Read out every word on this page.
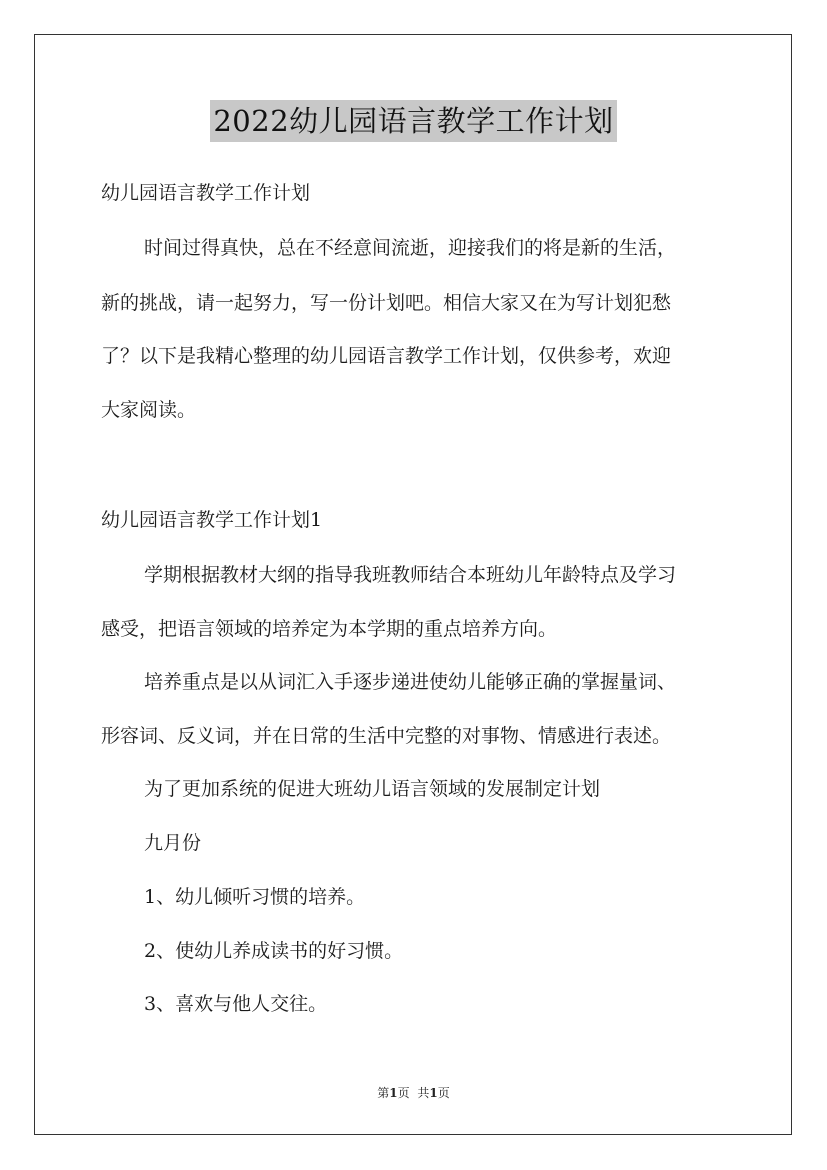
2022幼儿园语言教学工作计划
幼儿园语言教学工作计划
时间过得真快，总在不经意间流逝，迎接我们的将是新的生活，
新的挑战，请一起努力，写一份计划吧。相信大家又在为写计划犯愁
了？以下是我精心整理的幼儿园语言教学工作计划，仅供参考，欢迎
大家阅读。
幼儿园语言教学工作计划1
学期根据教材大纲的指导我班教师结合本班幼儿年龄特点及学习
感受，把语言领域的培养定为本学期的重点培养方向。
培养重点是以从词汇入手逐步递进使幼儿能够正确的掌握量词、
形容词、反义词，并在日常的生活中完整的对事物、情感进行表述。
为了更加系统的促进大班幼儿语言领域的发展制定计划
九月份
1、幼儿倾听习惯的培养。
2、使幼儿养成读书的好习惯。
3、喜欢与他人交往。
第1页 共1页
